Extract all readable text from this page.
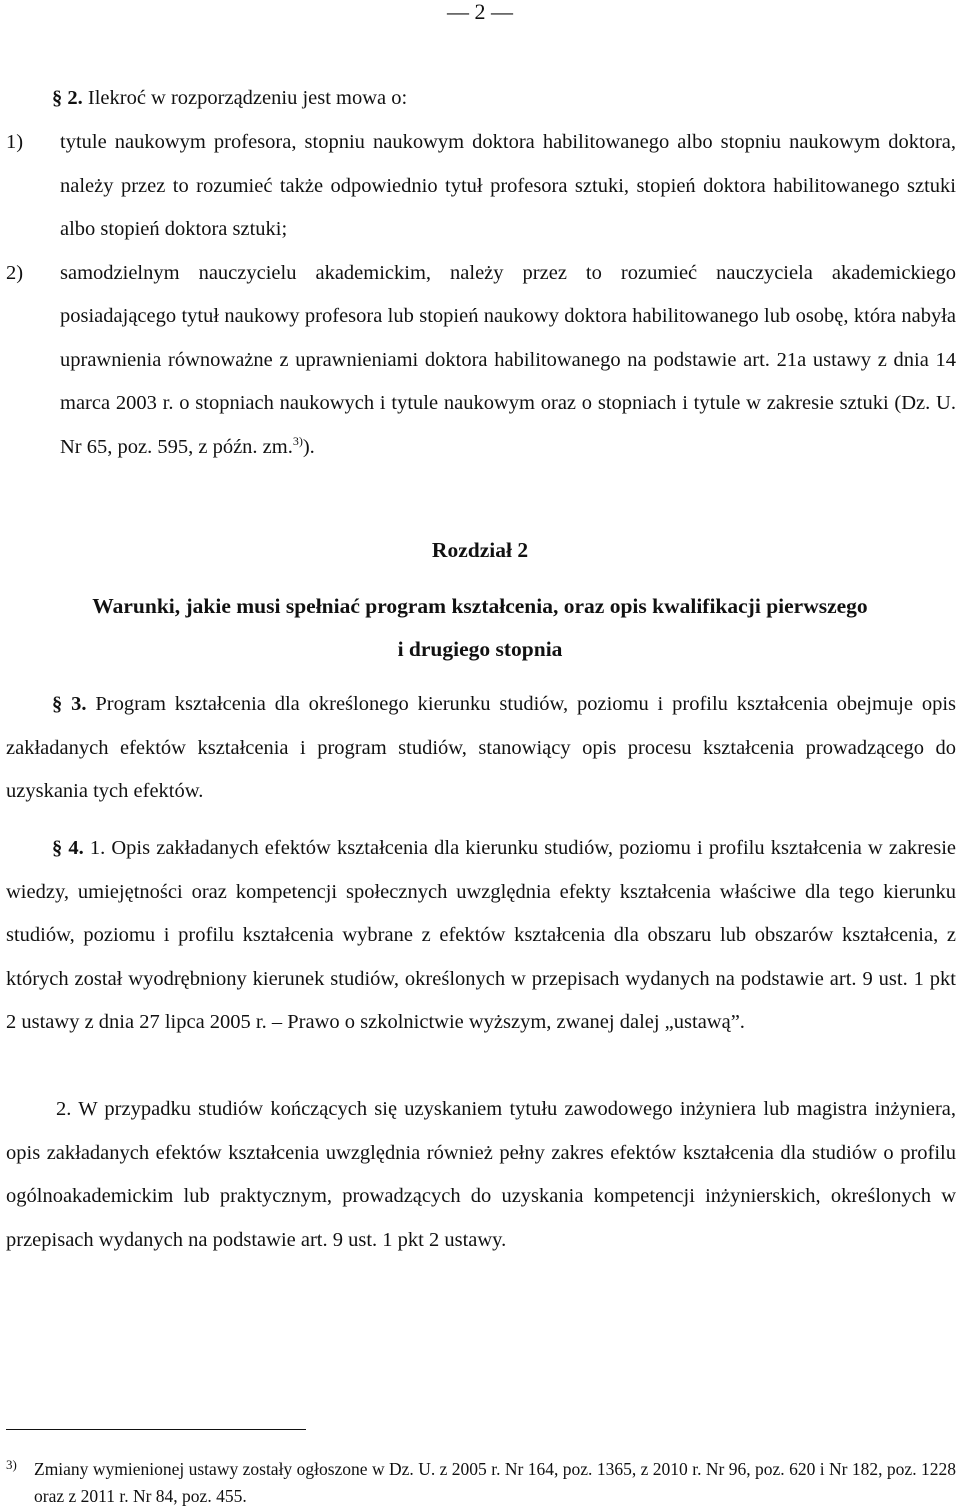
— 2 —

§ 2. Ilekroć w rozporządzeniu jest mowa o:

1) tytule naukowym profesora, stopniu naukowym doktora habilitowanego albo stopniu naukowym doktora, należy przez to rozumieć także odpowiednio tytuł profesora sztuki, stopień doktora habilitowanego sztuki albo stopień doktora sztuki;
2) samodzielnym nauczycielu akademickim, należy przez to rozumieć nauczyciela akademickiego posiadającego tytuł naukowy profesora lub stopień naukowy doktora habilitowanego lub osobę, która nabyła uprawnienia równoważne z uprawnieniami doktora habilitowanego na podstawie art. 21a ustawy z dnia 14 marca 2003 r. o stopniach naukowych i tytule naukowym oraz o stopniach i tytule w zakresie sztuki (Dz. U. Nr 65, poz. 595, z późn. zm.$^{3)}$).

Rozdział 2

Warunki, jakie musi spełniać program kształcenia, oraz opis kwalifikacji pierwszego

i drugiego stopnia

§ 3. Program kształcenia dla określonego kierunku studiów, poziomu i profilu kształcenia obejmuje opis zakładanych efektów kształcenia i program studiów, stanowiący opis procesu kształcenia prowadzącego do uzyskania tych efektów.

§ 4. 1. Opis zakładanych efektów kształcenia dla kierunku studiów, poziomu i profilu kształcenia w zakresie wiedzy, umiejętności oraz kompetencji społecznych uwzględnia efekty kształcenia właściwe dla tego kierunku studiów, poziomu i profilu kształcenia wybrane z efektów kształcenia dla obszaru lub obszarów kształcenia, z których został wyodrębniony kierunek studiów, określonych w przepisach wydanych na podstawie art. 9 ust. 1 pkt 2 ustawy z dnia 27 lipca 2005 r. – Prawo o szkolnictwie wyższym, zwanej dalej „ustawą”.

2. W przypadku studiów kończących się uzyskaniem tytułu zawodowego inżyniera lub magistra inżyniera, opis zakładanych efektów kształcenia uwzględnia również pełny zakres efektów kształcenia dla studiów o profilu ogólnoakademickim lub praktycznym, prowadzących do uzyskania kompetencji inżynierskich, określonych w przepisach wydanych na podstawie art. 9 ust. 1 pkt 2 ustawy.

3) Zmiany wymienionej ustawy zostały ogłoszone w Dz. U. z 2005 r. Nr 164, poz. 1365, z 2010 r. Nr 96, poz. 620 i Nr 182, poz. 1228 oraz z 2011 r. Nr 84, poz. 455.
